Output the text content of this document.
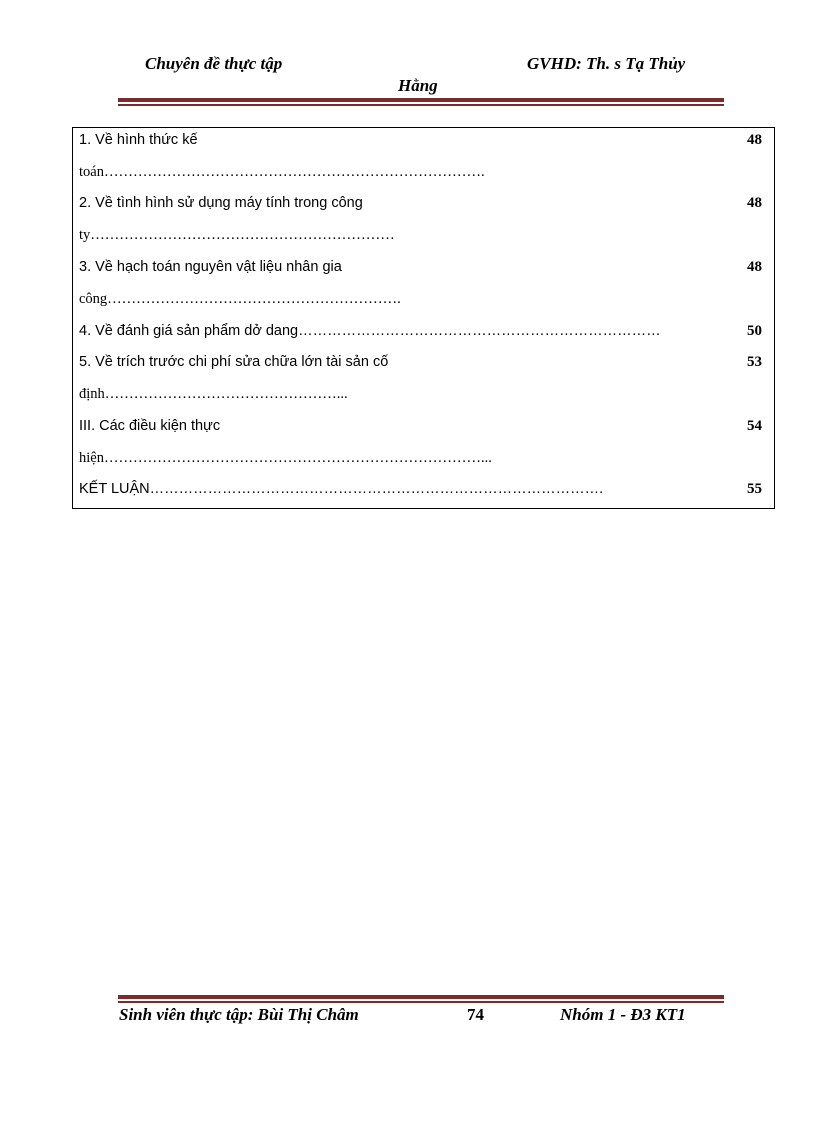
Chuyên đề thực tập	GVHD: Th. s Tạ Thủy
Hằng
1. Về hình thức kế	48
toán…………………………………………………………………….
2. Về tình hình sử dụng máy tính trong công	48
ty………………………………………………………
3. Về hạch toán nguyên vật liệu nhân gia	48
công…………………………………………………….
4. Về đánh giá sản phẩm dở dang…………………………………………………………………	50
5. Về trích trước chi phí sửa chữa lớn tài sản cố	53
định…………………………………………...
III. Các điều kiện thực	54
hiện……………………………………………………………………...
KẾT LUẬN………………………………………………………………………………….	55
Sinh viên thực tập: Bùi Thị Châm	74	Nhóm 1 - Đ3 KT1
